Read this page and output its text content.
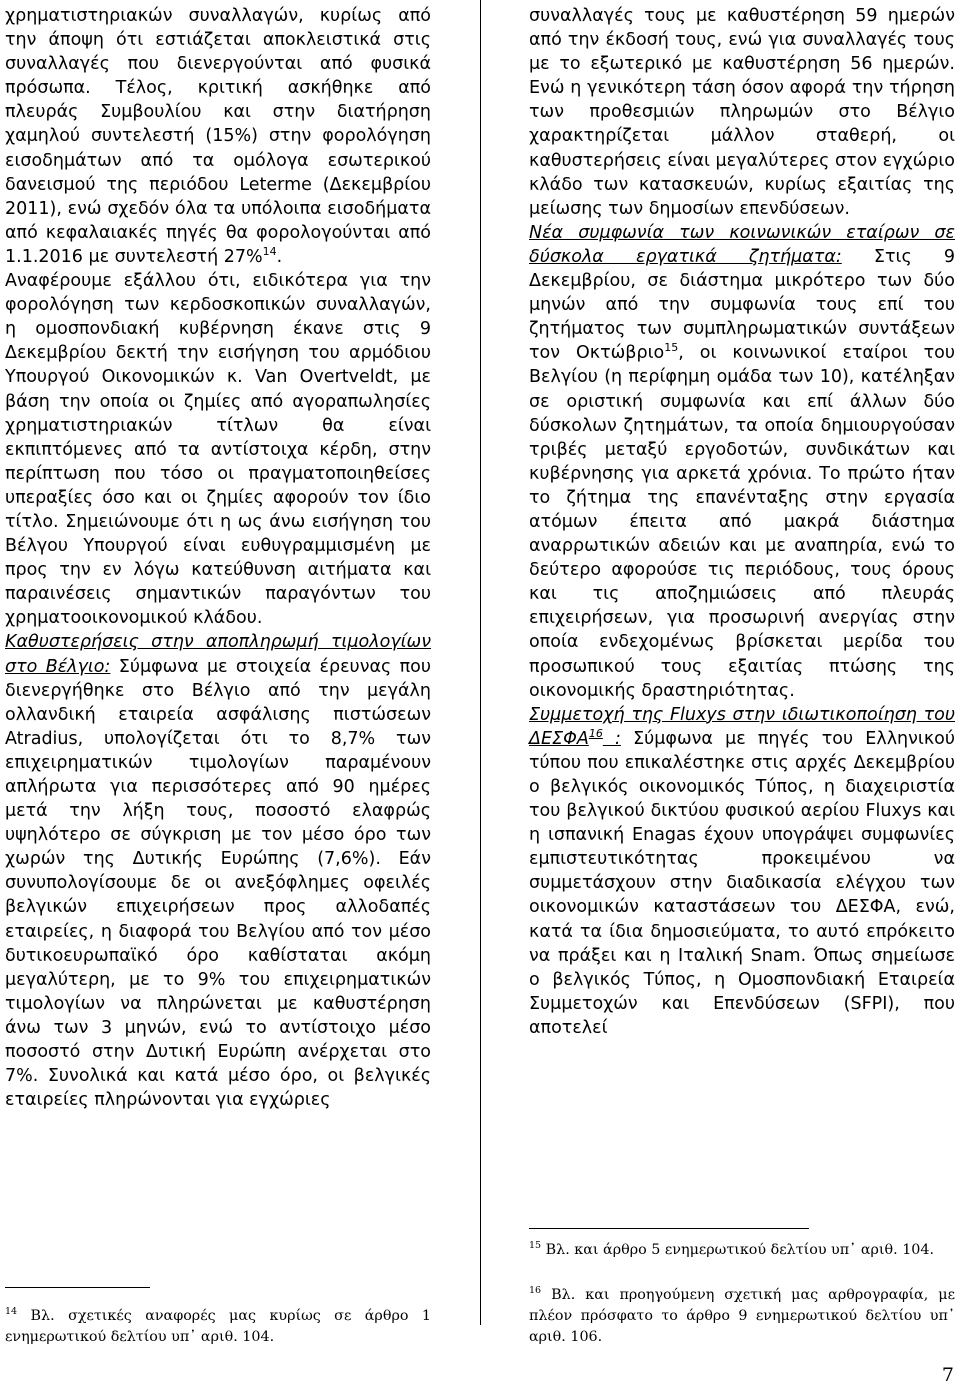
χρηματιστηριακών συναλλαγών, κυρίως από την άποψη ότι εστιάζεται αποκλειστικά στις συναλλαγές που διενεργούνται από φυσικά πρόσωπα. Τέλος, κριτική ασκήθηκε από πλευράς Συμβουλίου και στην διατήρηση χαμηλού συντελεστή (15%) στην φορολόγηση εισοδημάτων από τα ομόλογα εσωτερικού δανεισμού της περιόδου Leterme (Δεκεμβρίου 2011), ενώ σχεδόν όλα τα υπόλοιπα εισοδήματα από κεφαλαιακές πηγές θα φορολογούνται από 1.1.2016 με συντελεστή 27%$^{14}$.

Αναφέρουμε εξάλλου ότι, ειδικότερα για την φορολόγηση των κερδοσκοπικών συναλλαγών, η ομοσπονδιακή κυβέρνηση έκανε στις 9 Δεκεμβρίου δεκτή την εισήγηση του αρμόδιου Υπουργού Οικονομικών κ. Van Overtveldt, με βάση την οποία οι ζημίες από αγοραπωλησίες χρηματιστηριακών τίτλων θα είναι εκπιπτόμενες από τα αντίστοιχα κέρδη, στην περίπτωση που τόσο οι πραγματοποιηθείσες υπεραξίες όσο και οι ζημίες αφορούν τον ίδιο τίτλο. Σημειώνουμε ότι η ως άνω εισήγηση του Βέλγου Υπουργού είναι ευθυγραμμισμένη με προς την εν λόγω κατεύθυνση αιτήματα και παραινέσεις σημαντικών παραγόντων του χρηματοοικονομικού κλάδου.

Καθυστερήσεις στην αποπληρωμή τιμολογίων στο Βέλγιο: Σύμφωνα με στοιχεία έρευνας που διενεργήθηκε στο Βέλγιο από την μεγάλη ολλανδική εταιρεία ασφάλισης πιστώσεων Atradius, υπολογίζεται ότι το 8,7% των επιχειρηματικών τιμολογίων παραμένουν απλήρωτα για περισσότερες από 90 ημέρες μετά την λήξη τους, ποσοστό ελαφρώς υψηλότερο σε σύγκριση με τον μέσο όρο των χωρών της Δυτικής Ευρώπης (7,6%). Εάν συνυπολογίσουμε δε οι ανεξόφλημες οφειλές βελγικών επιχειρήσεων προς αλλοδαπές εταιρείες, η διαφορά του Βελγίου από τον μέσο δυτικοευρωπαϊκό όρο καθίσταται ακόμη μεγαλύτερη, με το 9% του επιχειρηματικών τιμολογίων να πληρώνεται με καθυστέρηση άνω των 3 μηνών, ενώ το αντίστοιχο μέσο ποσοστό στην Δυτική Ευρώπη ανέρχεται στο 7%. Συνολικά και κατά μέσο όρο, οι βελγικές εταιρείες πληρώνονται για εγχώριες

$^{14}$ Βλ. σχετικές αναφορές μας κυρίως σε άρθρο 1 ενημερωτικού δελτίου υπ᾽ αριθ. 104.

συναλλαγές τους με καθυστέρηση 59 ημερών από την έκδοσή τους, ενώ για συναλλαγές τους με το εξωτερικό με καθυστέρηση 56 ημερών. Ενώ η γενικότερη τάση όσον αφορά την τήρηση των προθεσμιών πληρωμών στο Βέλγιο χαρακτηρίζεται μάλλον σταθερή, οι καθυστερήσεις είναι μεγαλύτερες στον εγχώριο κλάδο των κατασκευών, κυρίως εξαιτίας της μείωσης των δημοσίων επενδύσεων.

Νέα συμφωνία των κοινωνικών εταίρων σε δύσκολα εργατικά ζητήματα: Στις 9 Δεκεμβρίου, σε διάστημα μικρότερο των δύο μηνών από την συμφωνία τους επί του ζητήματος των συμπληρωματικών συντάξεων τον Οκτώβριο$^{15}$, οι κοινωνικοί εταίροι του Βελγίου (η περίφημη ομάδα των 10), κατέληξαν σε οριστική συμφωνία και επί άλλων δύο δύσκολων ζητημάτων, τα οποία δημιουργούσαν τριβές μεταξύ εργοδοτών, συνδικάτων και κυβέρνησης για αρκετά χρόνια. Το πρώτο ήταν το ζήτημα της επανένταξης στην εργασία ατόμων έπειτα από μακρά διάστημα αναρρωτικών αδειών και με αναπηρία, ενώ το δεύτερο αφορούσε τις περιόδους, τους όρους και τις αποζημιώσεις από πλευράς επιχειρήσεων, για προσωρινή ανεργίας στην οποία ενδεχομένως βρίσκεται μερίδα του προσωπικού τους εξαιτίας πτώσης της οικονομικής δραστηριότητας.

Συμμετοχή της Fluxys στην ιδιωτικοποίηση του ΔΕΣΦΑ$^{16}$ : Σύμφωνα με πηγές του Ελληνικού τύπου που επικαλέστηκε στις αρχές Δεκεμβρίου ο βελγικός οικονομικός Τύπος, η διαχειριστία του βελγικού δικτύου φυσικού αερίου Fluxys και η ισπανική Enagas έχουν υπογράψει συμφωνίες εμπιστευτικότητας προκειμένου να συμμετάσχουν στην διαδικασία ελέγχου των οικονομικών καταστάσεων του ΔΕΣΦΑ, ενώ, κατά τα ίδια δημοσιεύματα, το αυτό επρόκειτο να πράξει και η Ιταλική Snam. Όπως σημείωσε ο βελγικός Τύπος, η Ομοσπονδιακή Εταιρεία Συμμετοχών και Επενδύσεων (SFPI), που αποτελεί

$^{15}$ Βλ. και άρθρο 5 ενημερωτικού δελτίου υπ᾽ αριθ. 104.

$^{16}$ Βλ. και προηγούμενη σχετική μας αρθρογραφία, με πλέον πρόσφατο το άρθρο 9 ενημερωτικού δελτίου υπ᾽ αριθ. 106.

7
